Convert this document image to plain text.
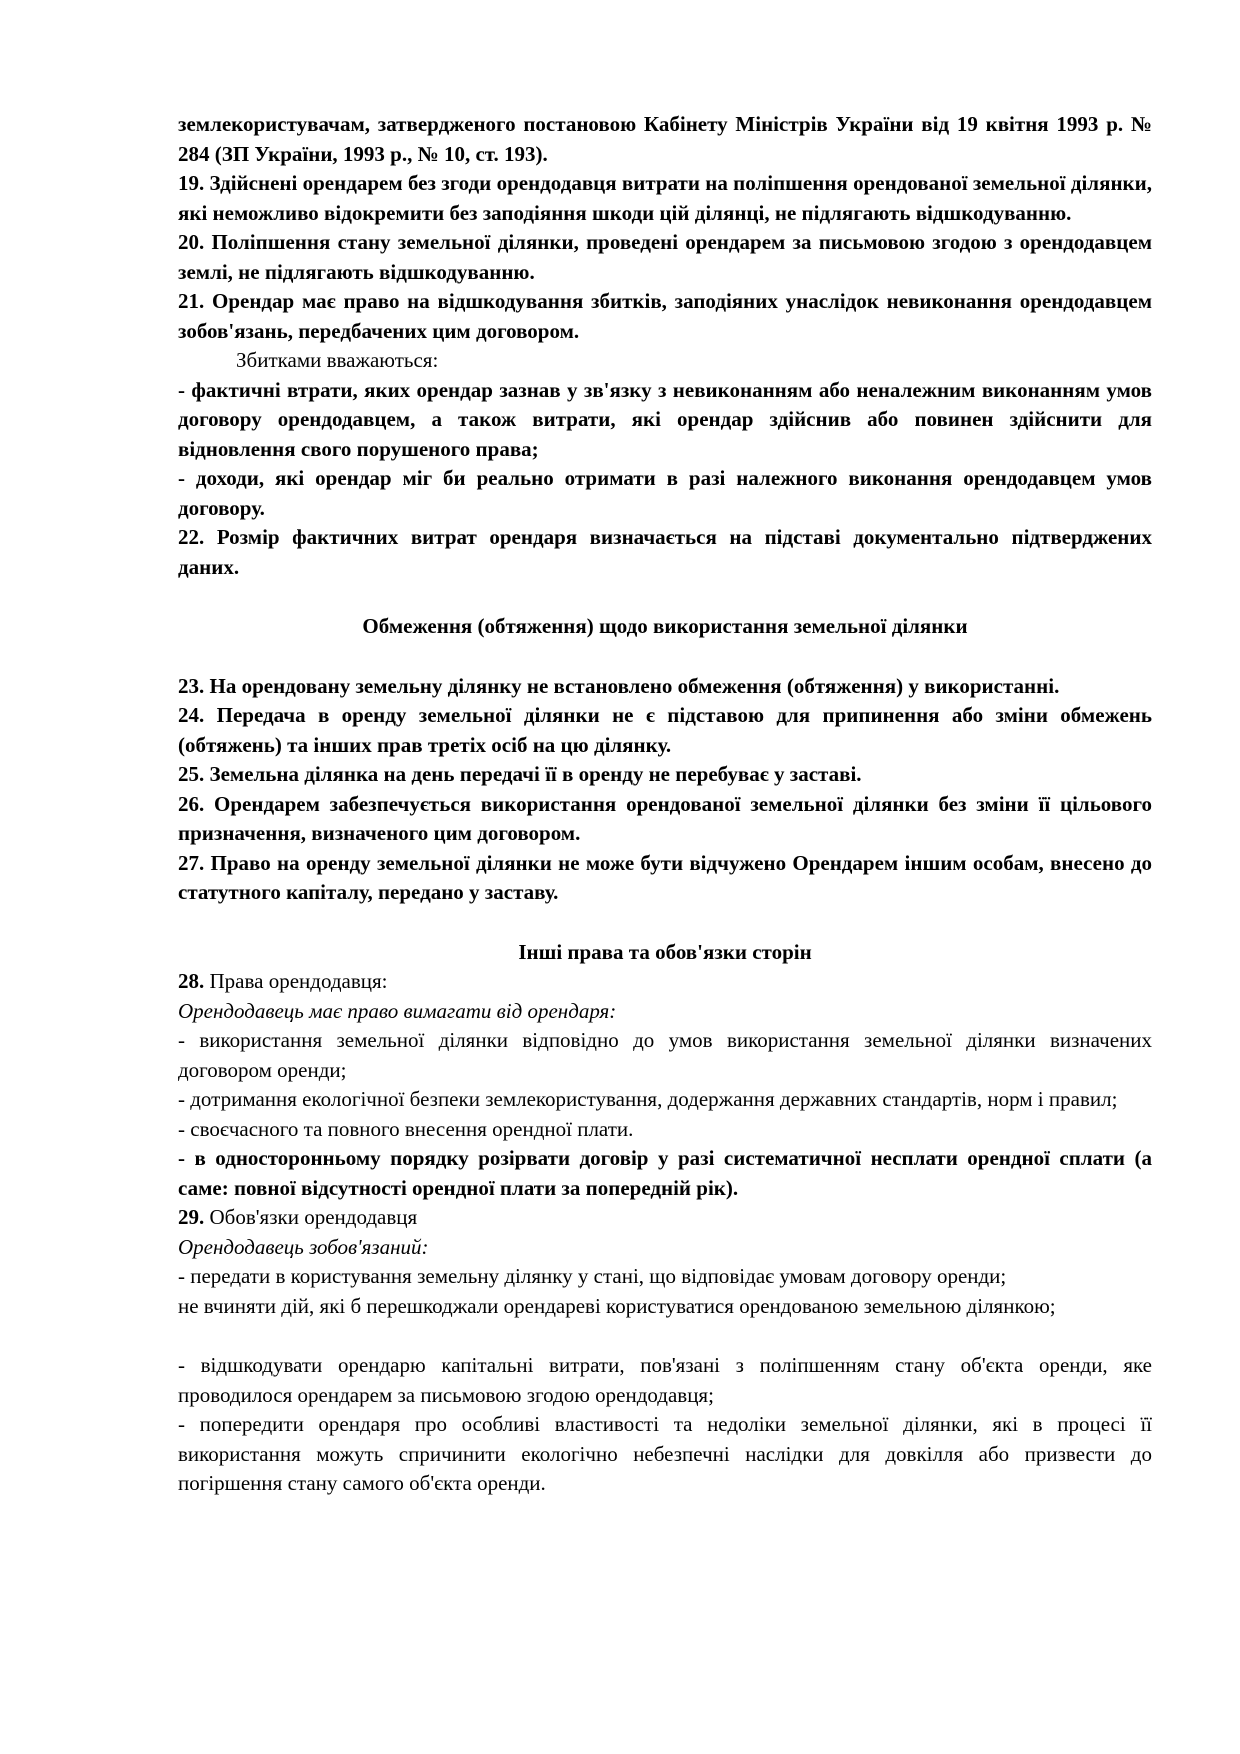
землекористувачам, затвердженого постановою Кабінету Міністрів України від 19 квітня 1993 р. № 284 (ЗП України, 1993 р., № 10, ст. 193).

19. Здійснені орендарем без згоди орендодавця витрати на поліпшення орендованої земельної ділянки, які неможливо відокремити без заподіяння шкоди цій ділянці, не підлягають відшкодуванню.

20. Поліпшення стану земельної ділянки, проведені орендарем за письмовою згодою з орендодавцем землі, не підлягають відшкодуванню.

21. Орендар має право на відшкодування збитків, заподіяних унаслідок невиконання орендодавцем зобов'язань, передбачених цим договором.

Збитками вважаються:

- фактичні втрати, яких орендар зазнав у зв'язку з невиконанням або неналежним виконанням умов договору орендодавцем, а також витрати, які орендар здійснив або повинен здійснити для відновлення свого порушеного права;

- доходи, які орендар міг би реально отримати в разі належного виконання орендодавцем умов договору.

22. Розмір фактичних витрат орендаря визначається на підставі документально підтверджених даних.

Обмеження (обтяження) щодо використання земельної ділянки

23. На орендовану земельну ділянку не встановлено обмеження (обтяження) у використанні.

24. Передача в оренду земельної ділянки не є підставою для припинення або зміни обмежень (обтяжень) та інших прав третіх осіб на цю ділянку.

25. Земельна ділянка на день передачі її в оренду не перебуває у заставі.

26. Орендарем забезпечується використання орендованої земельної ділянки без зміни її цільового призначення, визначеного цим договором.

27. Право на оренду земельної ділянки не може бути відчужено Орендарем іншим особам, внесено до статутного капіталу, передано у заставу.

Інші права та обов'язки сторін

28. Права орендодавця:

Орендодавець має право вимагати від орендаря:

- використання земельної ділянки відповідно до умов використання земельної ділянки визначених договором оренди;

- дотримання екологічної безпеки землекористування, додержання державних стандартів, норм і правил;

- своєчасного та повного внесення орендної плати.

- в односторонньому порядку розірвати договір у разі систематичної несплати орендної сплати (а саме: повної відсутності орендної плати за попередній рік).

29. Обов'язки орендодавця

Орендодавець зобов'язаний:

- передати в користування земельну ділянку у стані, що відповідає умовам договору оренди;

не вчиняти дій, які б перешкоджали орендареві користуватися орендованою земельною ділянкою;

- відшкодувати орендарю капітальні витрати, пов'язані з поліпшенням стану об'єкта оренди, яке проводилося орендарем за письмовою згодою орендодавця;

- попередити орендаря про особливі властивості та недоліки земельної ділянки, які в процесі її використання можуть спричинити екологічно небезпечні наслідки для довкілля або призвести до погіршення стану самого об'єкта оренди.
